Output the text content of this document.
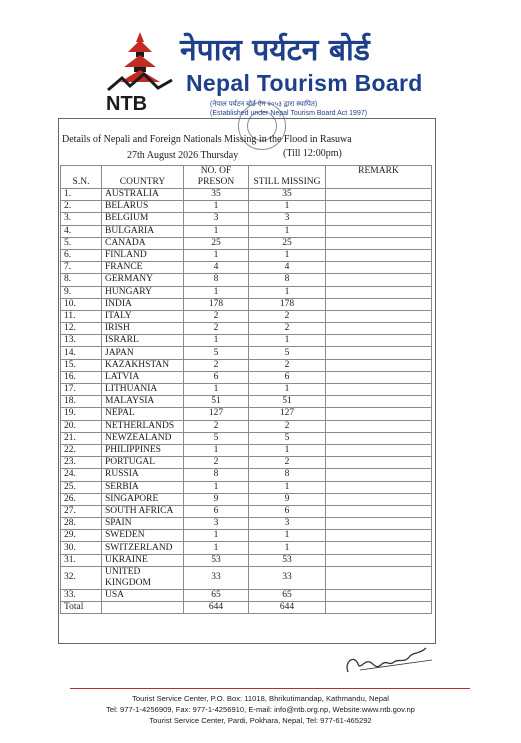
NTB
नेपाल पर्यटन बोर्ड
Nepal Tourism Board
(नेपाल पर्यटन बोर्ड ऐन २०५३ द्वारा स्थापित)
(Established under Nepal Tourism Board Act 1997)
Details of Nepali and Foreign Nationals Missing in the Flood in Rasuwa
27th August 2026 Thursday	(Till 12:00pm)
S.N.	COUNTRY	NO. OF PRESON	STILL MISSING	REMARK
1.	AUSTRALIA	35	35	
2.	BELARUS	1	1	
3.	BELGIUM	3	3	
4.	BULGARIA	1	1	
5.	CANADA	25	25	
6.	FINLAND	1	1	
7.	FRANCE	4	4	
8.	GERMANY	8	8	
9.	HUNGARY	1	1	
10.	INDIA	178	178	
11.	ITALY	2	2	
12.	IRISH	2	2	
13.	ISRARL	1	1	
14.	JAPAN	5	5	
15.	KAZAKHSTAN	2	2	
16.	LATVIA	6	6	
17.	LITHUANIA	1	1	
18.	MALAYSIA	51	51	
19.	NEPAL	127	127	
20.	NETHERLANDS	2	2	
21.	NEWZEALAND	5	5	
22.	PHILIPPINES	1	1	
23.	PORTUGAL	2	2	
24.	RUSSIA	8	8	
25.	SERBIA	1	1	
26.	SINGAPORE	9	9	
27.	SOUTH AFRICA	6	6	
28.	SPAIN	3	3	
29.	SWEDEN	1	1	
30.	SWITZERLAND	1	1	
31.	UKRAINE	53	53	
32.	UNITED KINGDOM	33	33	
33.	USA	65	65	
Total		644	644	
Tourist Service Center, P.O. Box: 11018, Bhrikutimandap, Kathmandu, Nepal
Tel: 977-1-4256909, Fax: 977-1-4256910, E-mail: info@ntb.org.np, Website:www.ntb.gov.np
Tourist Service Center, Pardi, Pokhara, Nepal, Tel: 977-61-465292
